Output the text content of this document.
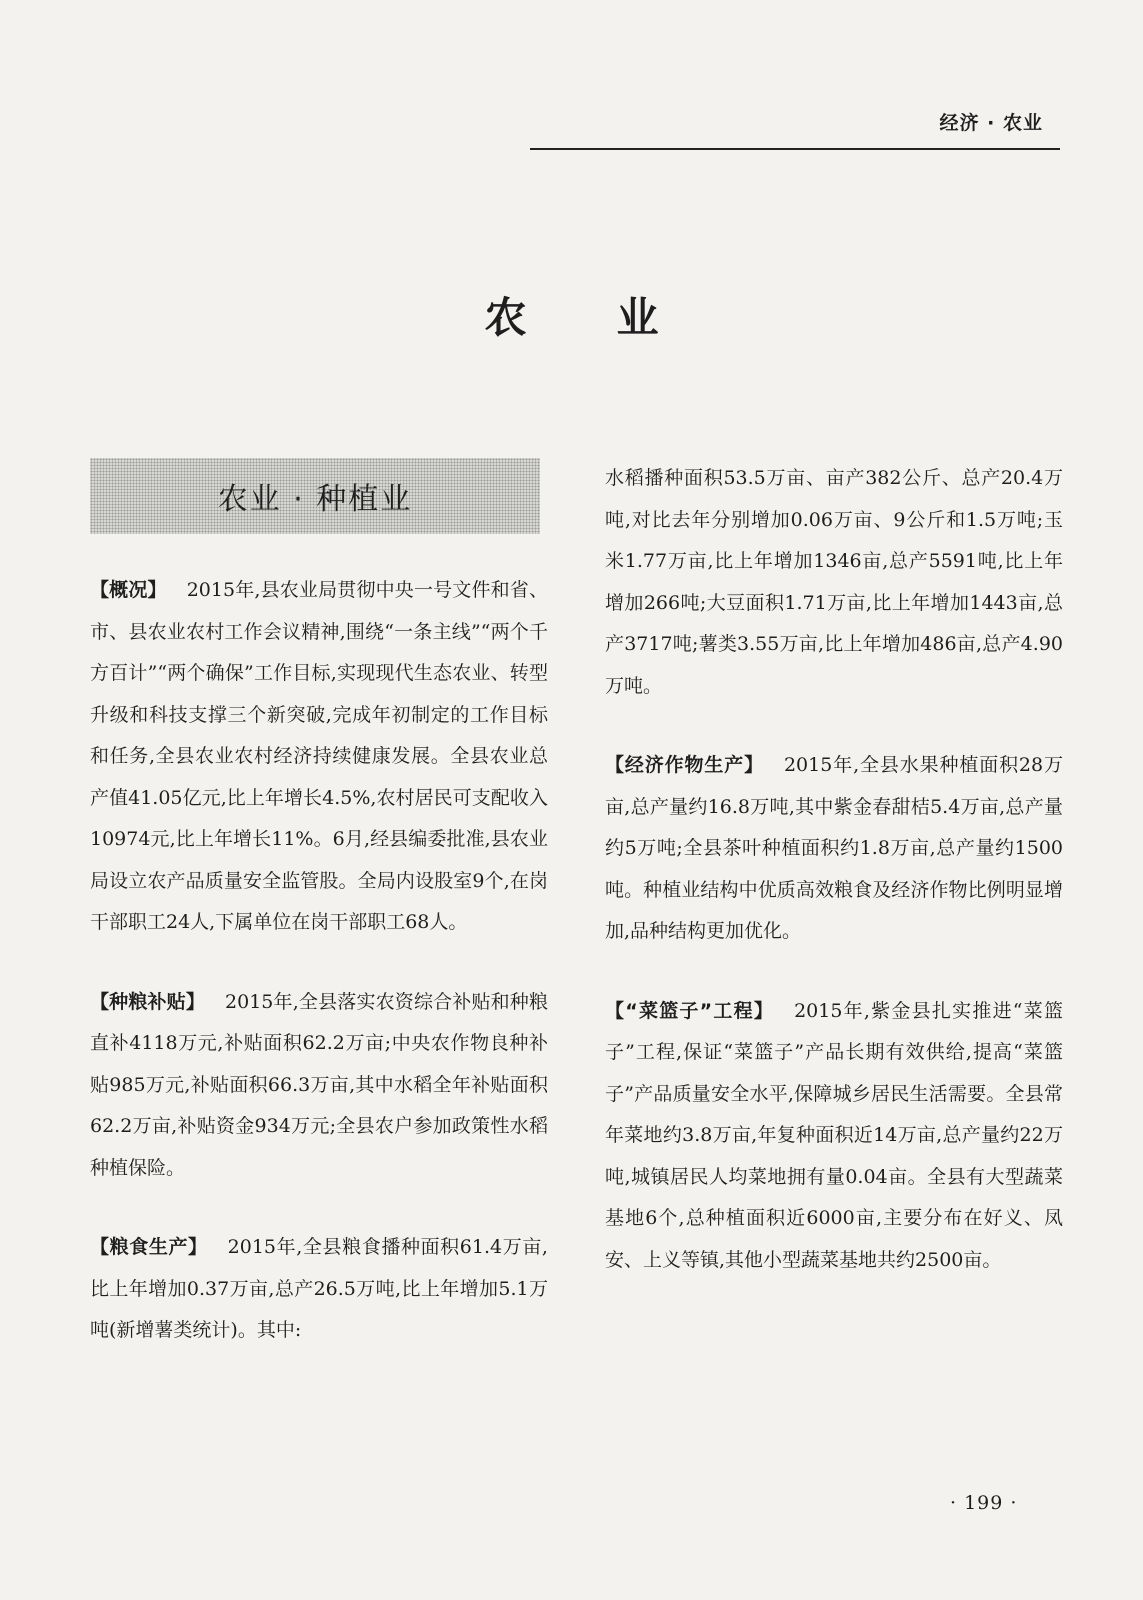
经济 · 农业
农业
农业 · 种植业

【概况】 2015年,县农业局贯彻中央一号文件和省、市、县农业农村工作会议精神,围绕“一条主线”“两个千方百计”“两个确保”工作目标,实现现代生态农业、转型升级和科技支撑三个新突破,完成年初制定的工作目标和任务,全县农业农村经济持续健康发展。全县农业总产值41.05亿元,比上年增长4.5%,农村居民可支配收入10974元,比上年增长11%。6月,经县编委批准,县农业局设立农产品质量安全监管股。全局内设股室9个,在岗干部职工24人,下属单位在岗干部职工68人。

【种粮补贴】 2015年,全县落实农资综合补贴和种粮直补4118万元,补贴面积62.2万亩;中央农作物良种补贴985万元,补贴面积66.3万亩,其中水稻全年补贴面积62.2万亩,补贴资金934万元;全县农户参加政策性水稻种植保险。

【粮食生产】 2015年,全县粮食播种面积61.4万亩,比上年增加0.37万亩,总产26.5万吨,比上年增加5.1万吨(新增薯类统计)。其中:

水稻播种面积53.5万亩、亩产382公斤、总产20.4万吨,对比去年分别增加0.06万亩、9公斤和1.5万吨;玉米1.77万亩,比上年增加1346亩,总产5591吨,比上年增加266吨;大豆面积1.71万亩,比上年增加1443亩,总产3717吨;薯类3.55万亩,比上年增加486亩,总产4.90万吨。

【经济作物生产】 2015年,全县水果种植面积28万亩,总产量约16.8万吨,其中紫金春甜桔5.4万亩,总产量约5万吨;全县茶叶种植面积约1.8万亩,总产量约1500吨。种植业结构中优质高效粮食及经济作物比例明显增加,品种结构更加优化。

【“菜篮子”工程】 2015年,紫金县扎实推进“菜篮子”工程,保证“菜篮子”产品长期有效供给,提高“菜篮子”产品质量安全水平,保障城乡居民生活需要。全县常年菜地约3.8万亩,年复种面积近14万亩,总产量约22万吨,城镇居民人均菜地拥有量0.04亩。全县有大型蔬菜基地6个,总种植面积近6000亩,主要分布在好义、凤安、上义等镇,其他小型蔬菜基地共约2500亩。

· 199 ·
